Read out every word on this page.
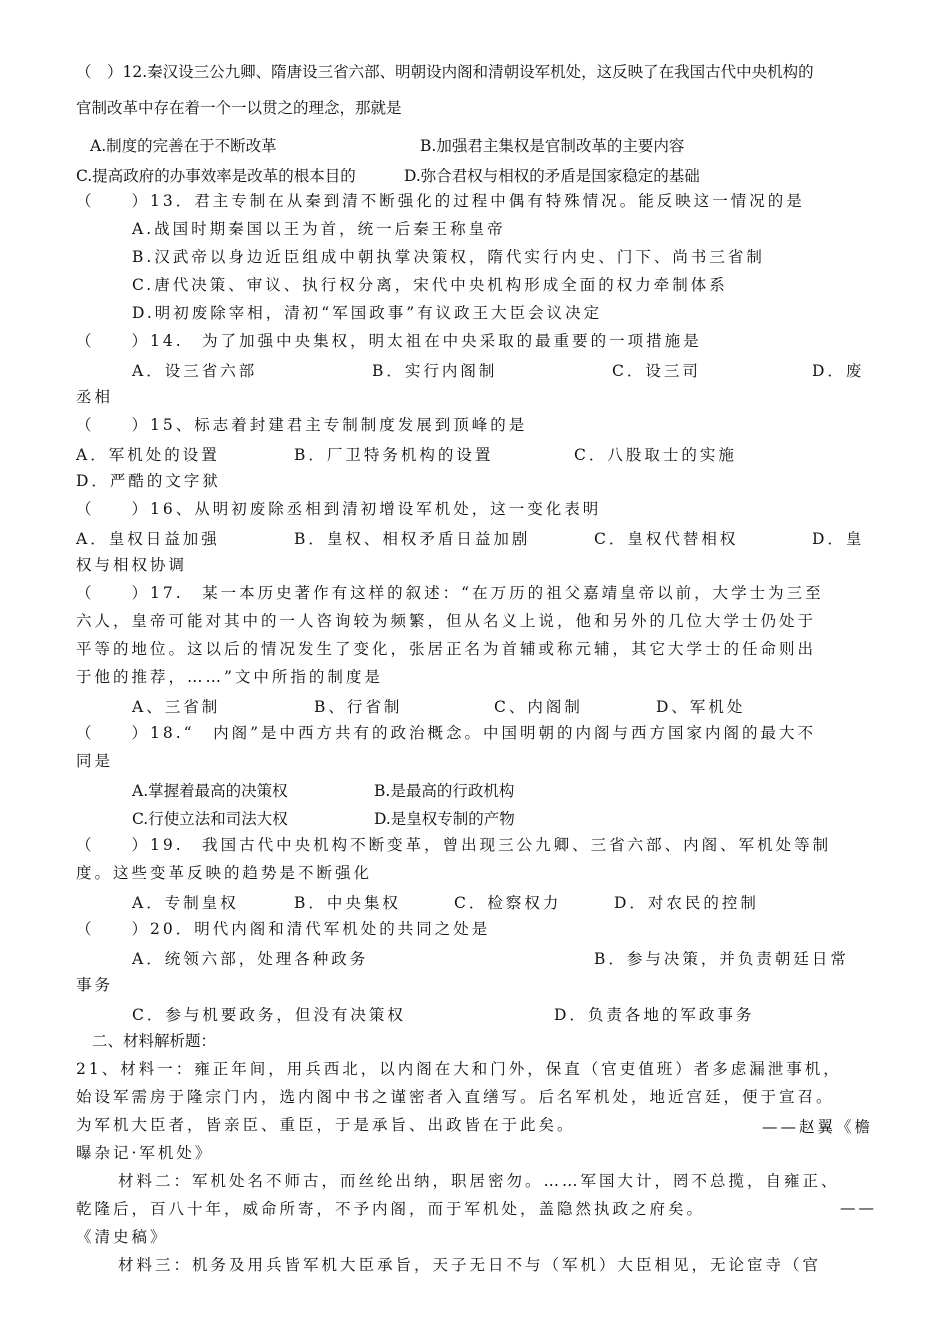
（　）12.秦汉设三公九卿、隋唐设三省六部、明朝设内阁和清朝设军机处，这反映了在我国古代中央机构的
官制改革中存在着一个一以贯之的理念，那就是
A.制度的完善在于不断改革	B.加强君主集权是官制改革的主要内容
C.提高政府的办事效率是改革的根本目的	D.弥合君权与相权的矛盾是国家稳定的基础
（　　）13．君主专制在从秦到清不断强化的过程中偶有特殊情况。能反映这一情况的是
A.战国时期秦国以王为首，统一后秦王称皇帝
B.汉武帝以身边近臣组成中朝执掌决策权，隋代实行内史、门下、尚书三省制
C.唐代决策、审议、执行权分离，宋代中央机构形成全面的权力牵制体系
D.明初废除宰相，清初“军国政事”有议政王大臣会议决定
（　　）14.　为了加强中央集权，明太祖在中央采取的最重要的一项措施是
A．设三省六部	B．实行内阁制	C．设三司	D．废
丞相
（　　）15、标志着封建君主专制制度发展到顶峰的是
A．军机处的设置	B．厂卫特务机构的设置	C．八股取士的实施
D．严酷的文字狱
（　　）16、从明初废除丞相到清初增设军机处，这一变化表明
A．皇权日益加强	B．皇权、相权矛盾日益加剧	C．皇权代替相权	D．皇
权与相权协调
（　　）17.　某一本历史著作有这样的叙述：“在万历的祖父嘉靖皇帝以前，大学士为三至
六人，皇帝可能对其中的一人咨询较为频繁，但从名义上说，他和另外的几位大学士仍处于
平等的地位。这以后的情况发生了变化，张居正名为首辅或称元辅，其它大学士的任命则出
于他的推荐，……”文中所指的制度是
A、三省制	B、行省制	C、内阁制	D、军机处
（　　）18.“　内阁”是中西方共有的政治概念。中国明朝的内阁与西方国家内阁的最大不
同是
A.掌握着最高的决策权	B.是最高的行政机构
C.行使立法和司法大权	D.是皇权专制的产物
（　　）19.　我国古代中央机构不断变革，曾出现三公九卿、三省六部、内阁、军机处等制
度。这些变革反映的趋势是不断强化
A．专制皇权	B．中央集权	C．检察权力	D．对农民的控制
（　　）20．明代内阁和清代军机处的共同之处是
A．统领六部，处理各种政务	B．参与决策，并负责朝廷日常
事务
C．参与机要政务，但没有决策权	D．负责各地的军政事务
二、材料解析题：
21、材料一：雍正年间，用兵西北，以内阁在大和门外，保直（官吏值班）者多虑漏泄事机，
始设军需房于隆宗门内，选内阁中书之谨密者入直缮写。后名军机处，地近宫廷，便于宣召。
为军机大臣者，皆亲臣、重臣，于是承旨、出政皆在于此矣。	——赵翼《檐
曝杂记·军机处》
材料二：军机处名不师古，而丝纶出纳，职居密勿。……军国大计，罔不总揽，自雍正、
乾隆后，百八十年，威命所寄，不予内阁，而于军机处，盖隐然执政之府矣。	——
《清史稿》
材料三：机务及用兵皆军机大臣承旨，天子无日不与（军机）大臣相见，无论宦寺（官
